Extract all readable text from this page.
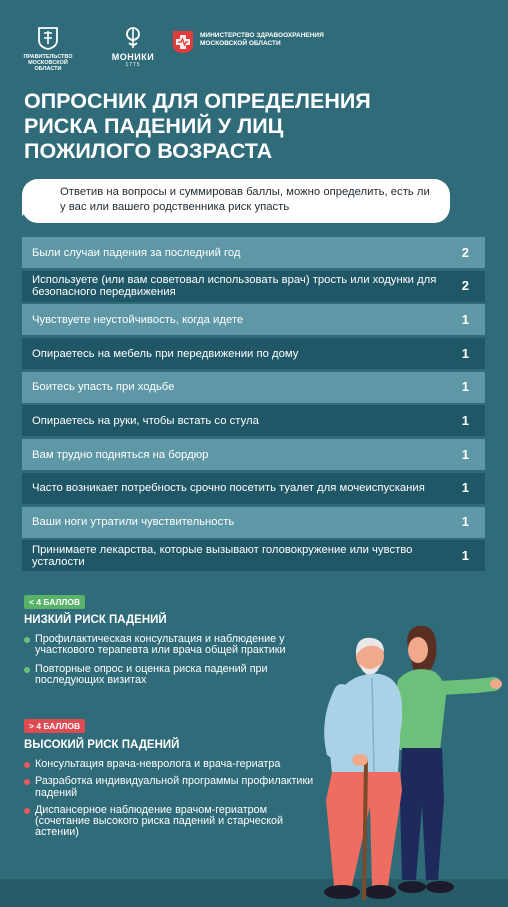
ПРАВИТЕЛЬСТВО МОСКОВСКОЙ ОБЛАСТИ
МОНИКИ
1775
МИНИСТЕРСТВО ЗДРАВООХРАНЕНИЯ МОСКОВСКОЙ ОБЛАСТИ
ОПРОСНИК ДЛЯ ОПРЕДЕЛЕНИЯ
РИСКА ПАДЕНИЙ У ЛИЦ
ПОЖИЛОГО ВОЗРАСТА
Ответив на вопросы и суммировав баллы, можно определить, есть ли у вас или вашего родственника риск упасть
Были случаи падения за последний год	2
Используете (или вам советовал использовать врач) трость или ходунки для безопасного передвижения	2
Чувствуете неустойчивость, когда идете	1
Опираетесь на мебель при передвижении по дому	1
Боитесь упасть при ходьбе	1
Опираетесь на руки, чтобы встать со стула	1
Вам трудно подняться на бордюр	1
Часто возникает потребность срочно посетить туалет для мочеиспускания	1
Ваши ноги утратили чувствительность	1
Принимаете лекарства, которые вызывают головокружение или чувство усталости	1
< 4 БАЛЛОВ
НИЗКИЙ РИСК ПАДЕНИЙ
Профилактическая консультация и наблюдение у участкового терапевта или врача общей практики
Повторные опрос и оценка риска падений при последующих визитах
> 4 БАЛЛОВ
ВЫСОКИЙ РИСК ПАДЕНИЙ
Консультация врача-невролога и врача-гериатра
Разработка индивидуальной программы профилактики падений
Диспансерное наблюдение врачом-гериатром (сочетание высокого риска падений и старческой астении)
